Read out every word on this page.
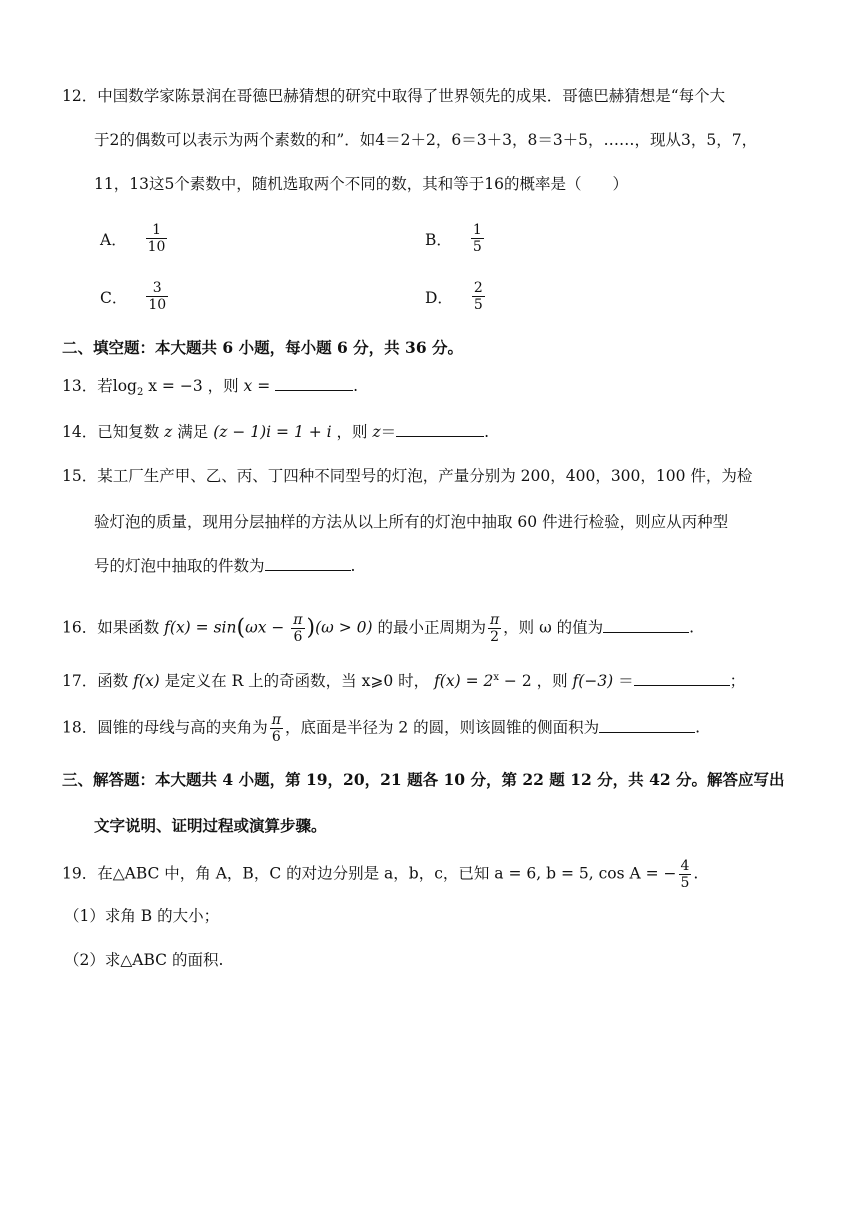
12．中国数学家陈景润在哥德巴赫猜想的研究中取得了世界领先的成果．哥德巴赫猜想是“每个大
于2的偶数可以表示为两个素数的和”．如4＝2＋2，6＝3＋3，8＝3＋5，……，现从3，5，7，
11，13这5个素数中，随机选取两个不同的数，其和等于16的概率是（　　）
A． $\frac{1}{10}$	B． $\frac{1}{5}$
C． $\frac{3}{10}$	D． $\frac{2}{5}$
二、填空题：本大题共 6 小题，每小题 6 分，共 36 分。
13．若$\log_2 x = -3$ ，则 x =	.
14．已知复数 z 满足 (z − 1)i = 1 + i ，则 z＝	.
15．某工厂生产甲、乙、丙、丁四种不同型号的灯泡，产量分别为 200，400，300，100 件，为检
验灯泡的质量，现用分层抽样的方法从以上所有的灯泡中抽取 60 件进行检验，则应从丙种型
号的灯泡中抽取的件数为	.
16．如果函数 $f(x) = \sin(\omega x - \frac{\pi}{6} )(\omega > 0)$ 的最小正周期为 $\frac{\pi}{2}$ ，则 ω 的值为	.
17．函数 f(x) 是定义在 R 上的奇函数，当 x⩾0 时， $f(x) = 2^x - 2$ ，则 f(−3) ＝	；
18．圆锥的母线与高的夹角为 $\frac{\pi}{6}$ ，底面是半径为 2 的圆，则该圆锥的侧面积为	.
三、解答题：本大题共 4 小题，第 19，20，21 题各 10 分，第 22 题 12 分，共 42 分。解答应写出
文字说明、证明过程或演算步骤。
19．在△ABC 中，角 A，B，C 的对边分别是 a，b，c，已知 a = 6, b = 5, cos A = − $\frac{4}{5}$ .
（1）求角 B 的大小；
（2）求△ABC 的面积.
